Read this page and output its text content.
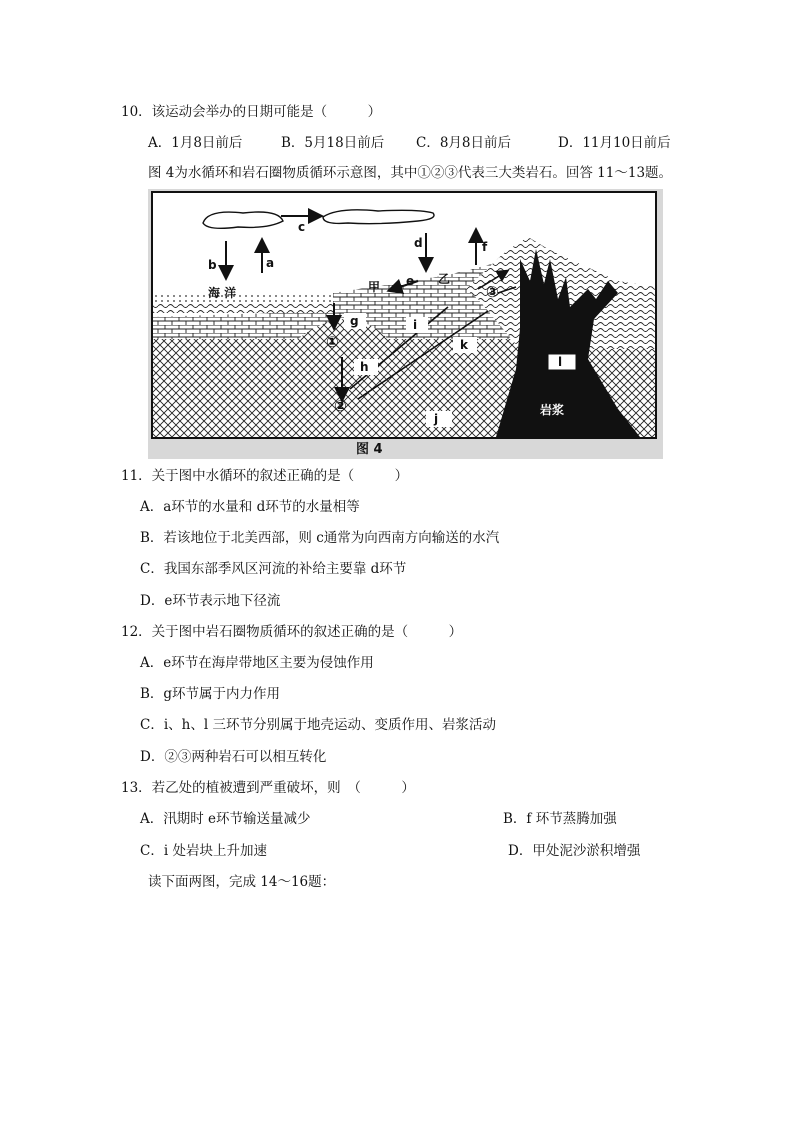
10．该运动会举办的日期可能是（　　　）
A．1月8日前后	B．5月18日前后 C．8月8日前后	D．11月10日前后
图 4为水循环和岩石圈物质循环示意图，其中①②③代表三大类岩石。回答 11～13题。
l
岩浆
c
b	a
d	f
e
海 洋	甲
乙
③
g	i
①	k
h
②
j
图 4
11．关于图中水循环的叙述正确的是（　　　）
A．a环节的水量和 d环节的水量相等
B．若该地位于北美西部，则 c通常为向西南方向输送的水汽
C．我国东部季风区河流的补给主要靠 d环节
D．e环节表示地下径流
12．关于图中岩石圈物质循环的叙述正确的是（　　　）
A．e环节在海岸带地区主要为侵蚀作用
B．g环节属于内力作用
C．i、h、l 三环节分别属于地壳运动、变质作用、岩浆活动
D．②③两种岩石可以相互转化
13．若乙处的植被遭到严重破坏，则　（　　　）
A．汛期时 e环节输送量减少	B．f 环节蒸腾加强
C．i 处岩块上升加速	D．甲处泥沙淤积增强
读下面两图，完成 14～16题：
